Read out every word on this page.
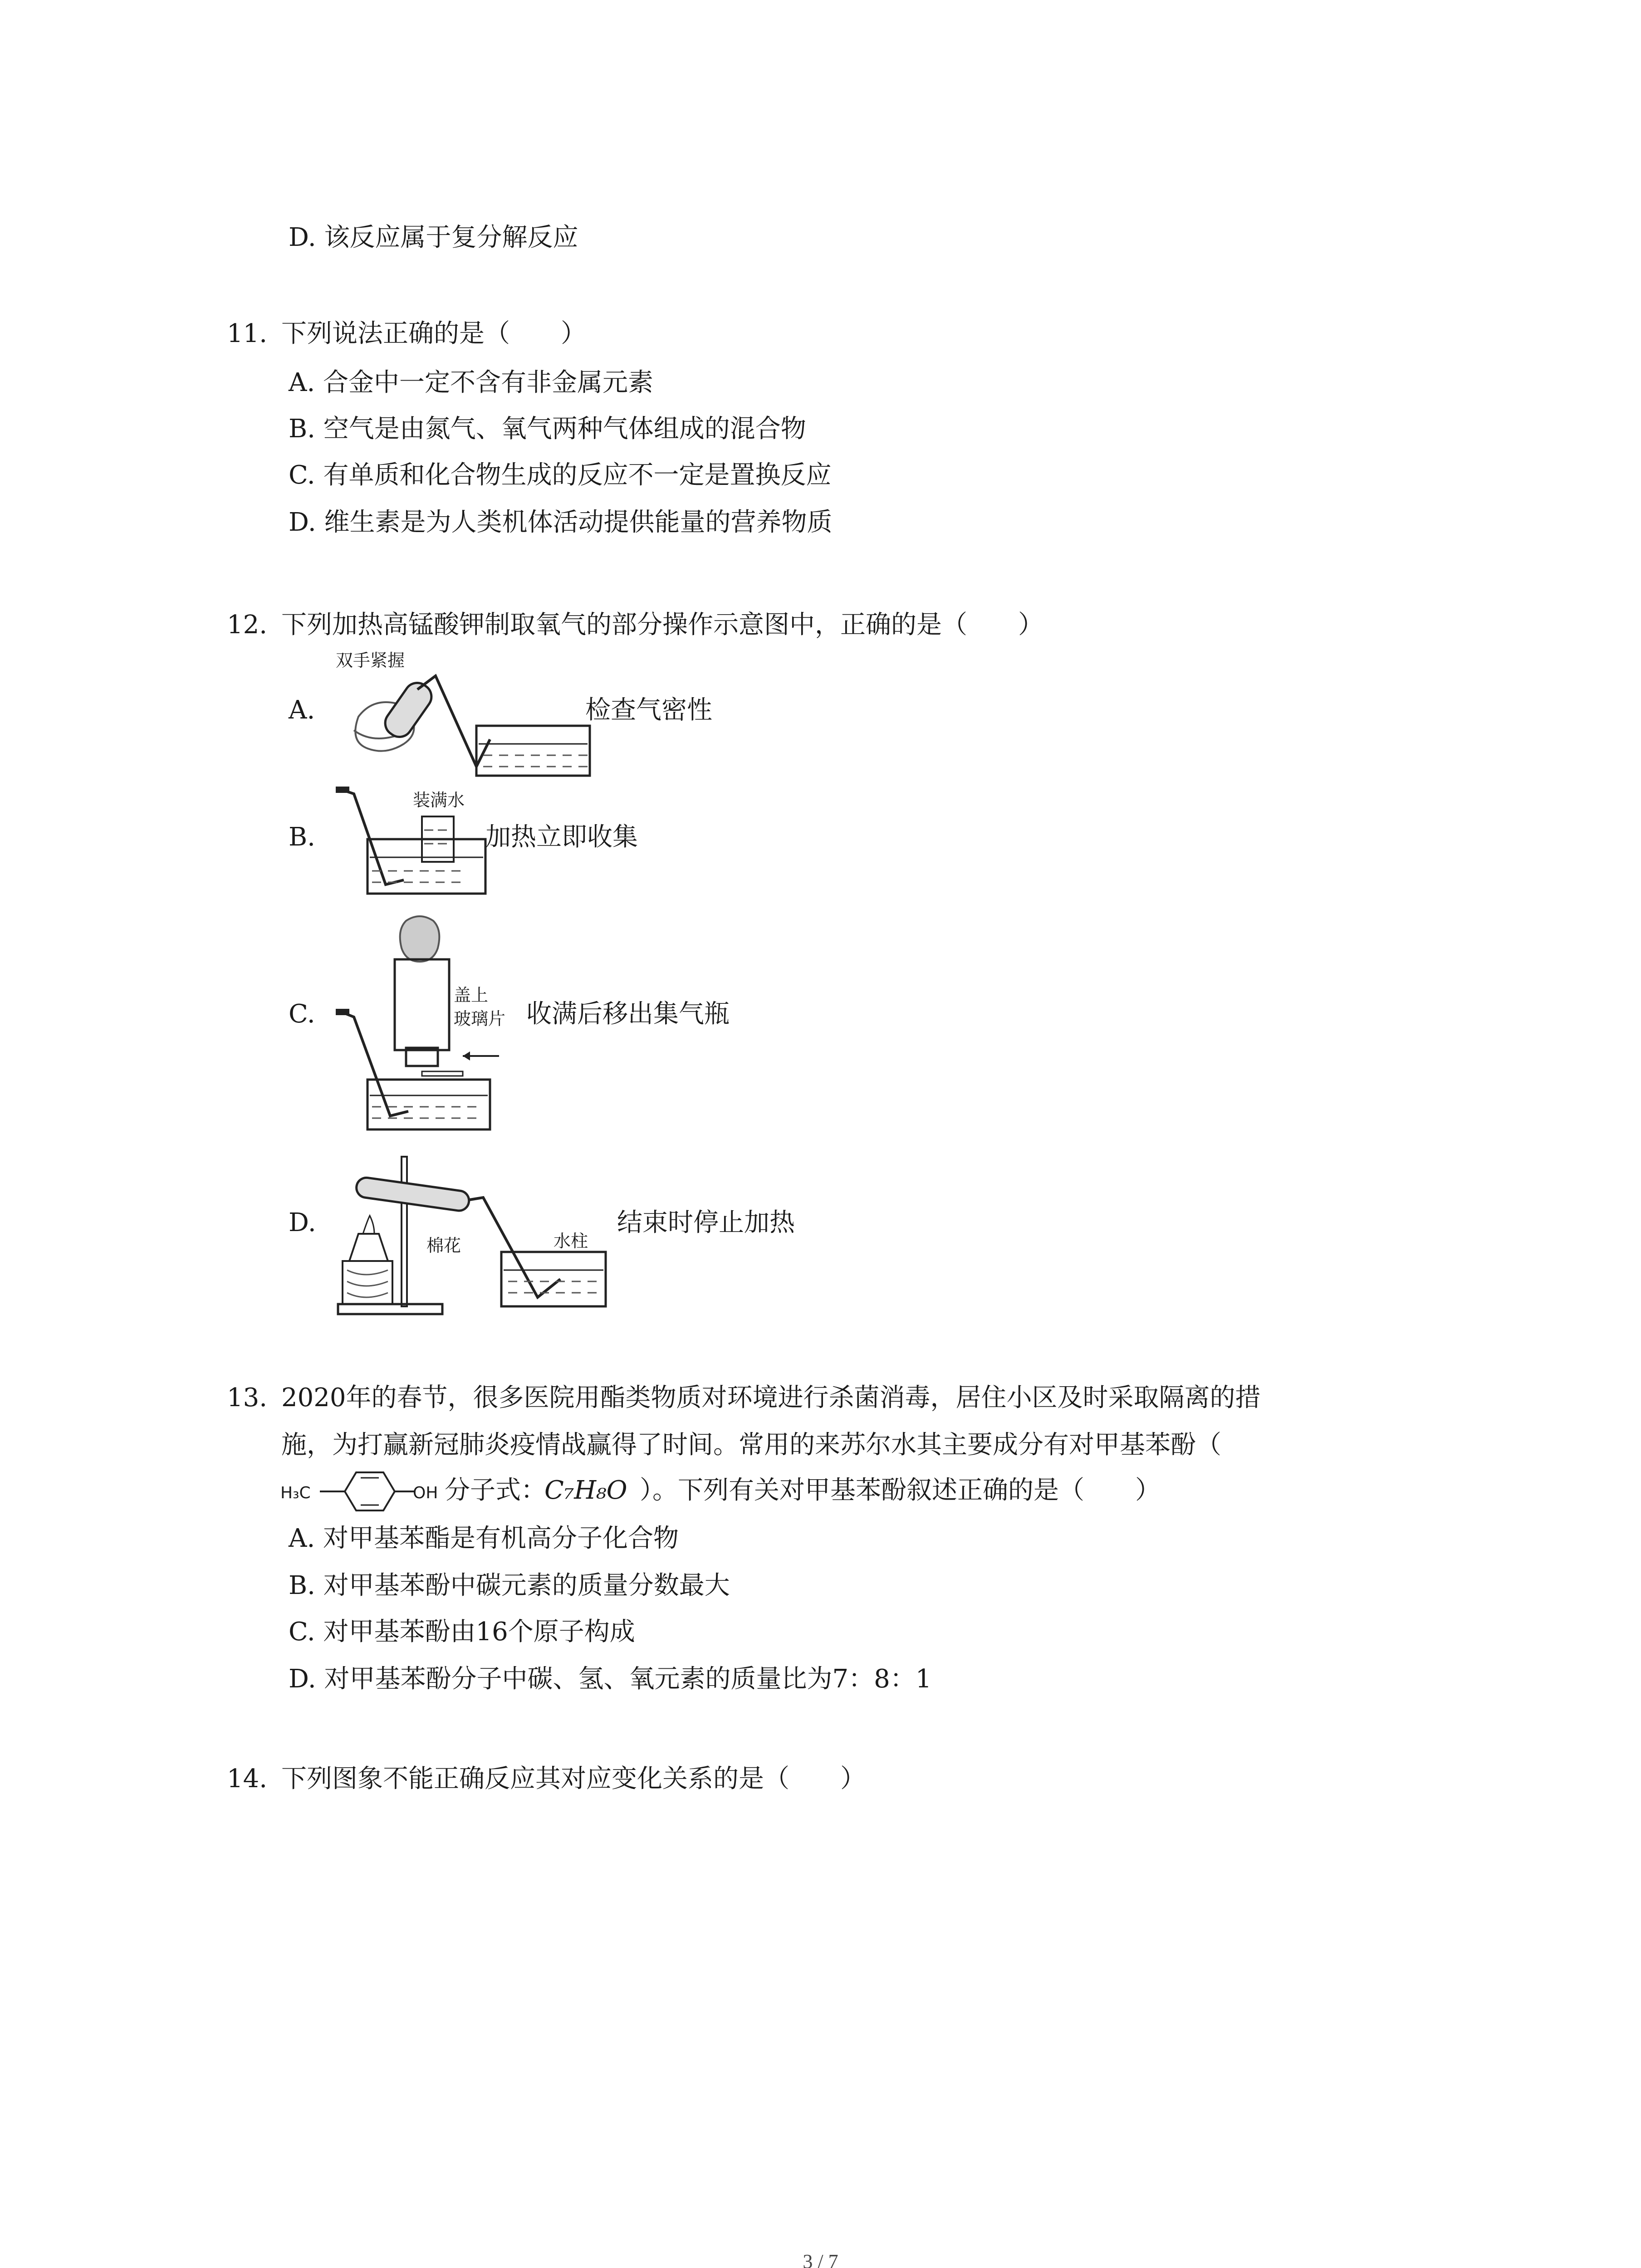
D. 该反应属于复分解反应
11. 下列说法正确的是（　　）
A. 合金中一定不含有非金属元素
B. 空气是由氮气、氧气两种气体组成的混合物
C. 有单质和化合物生成的反应不一定是置换反应
D. 维生素是为人类机体活动提供能量的营养物质
12. 下列加热高锰酸钾制取氧气的部分操作示意图中，正确的是（　　）
A.
双手紧握
检查气密性
B.
装满水
加热立即收集
C.
盖上
玻璃片 收满后移出集气瓶
D.
棉花	水柱
结束时停止加热
13. 2020年的春节，很多医院用酯类物质对环境进行杀菌消毒，居住小区及时采取隔离的措
施，为打赢新冠肺炎疫情战赢得了时间。常用的来苏尔水其主要成分有对甲基苯酚（
H₃C	OH 分子式：
C₇H₈O ）。下列有关对甲基苯酚叙述正确的是（　　）
A. 对甲基苯酯是有机高分子化合物
B. 对甲基苯酚中碳元素的质量分数最大
C. 对甲基苯酚由16个原子构成
D. 对甲基苯酚分子中碳、氢、氧元素的质量比为7：8：1
14. 下列图象不能正确反应其对应变化关系的是（　　）
3 / 7
